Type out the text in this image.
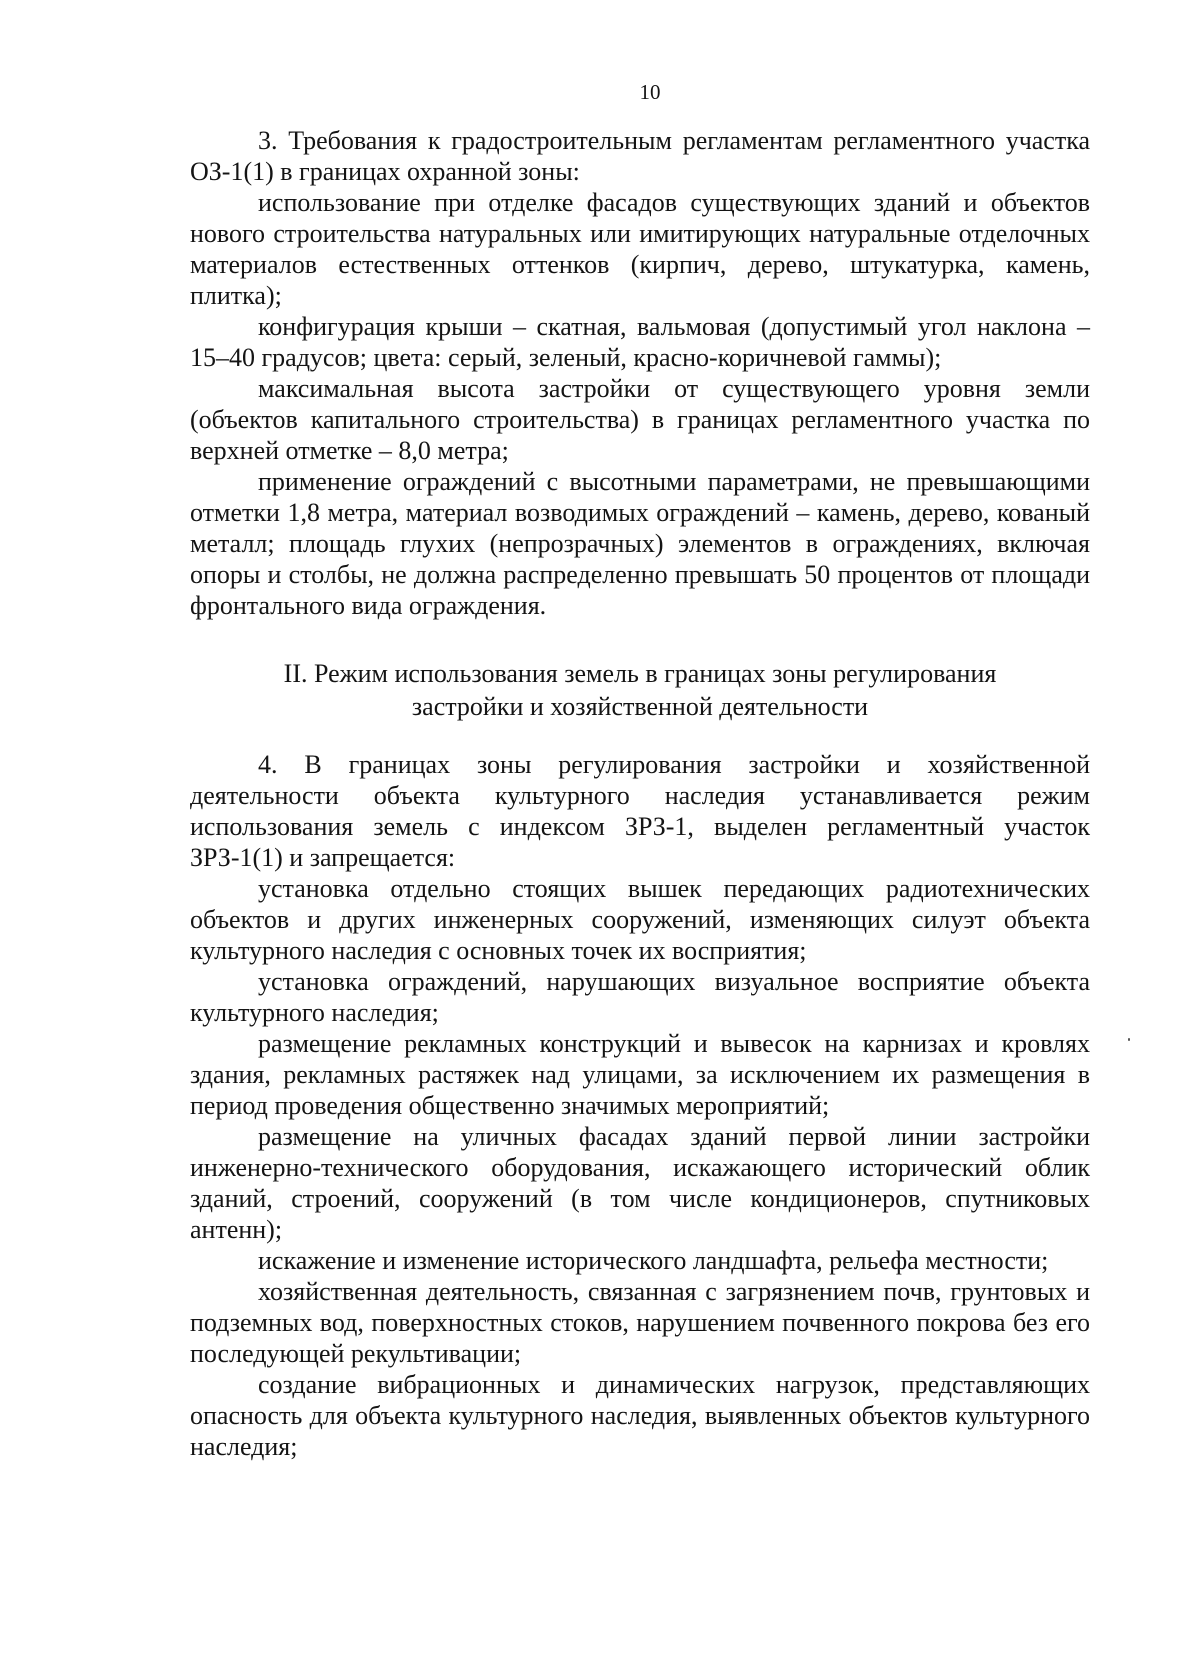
10

3. Требования к градостроительным регламентам регламентного участка ОЗ-1(1) в границах охранной зоны:

использование при отделке фасадов существующих зданий и объектов нового строительства натуральных или имитирующих натуральные отделочных материалов естественных оттенков (кирпич, дерево, штукатурка, камень, плитка);

конфигурация крыши – скатная, вальмовая (допустимый угол наклона – 15–40 градусов; цвета: серый, зеленый, красно-коричневой гаммы);

максимальная высота застройки от существующего уровня земли (объектов капитального строительства) в границах регламентного участка по верхней отметке – 8,0 метра;

применение ограждений с высотными параметрами, не превышающими отметки 1,8 метра, материал возводимых ограждений – камень, дерево, кованый металл; площадь глухих (непрозрачных) элементов в ограждениях, включая опоры и столбы, не должна распределенно превышать 50 процентов от площади фронтального вида ограждения.

II. Режим использования земель в границах зоны регулирования
застройки и хозяйственной деятельности

4. В границах зоны регулирования застройки и хозяйственной деятельности объекта культурного наследия устанавливается режим использования земель с индексом ЗРЗ-1, выделен регламентный участок ЗРЗ-1(1) и запрещается:

установка отдельно стоящих вышек передающих радиотехнических объектов и других инженерных сооружений, изменяющих силуэт объекта культурного наследия с основных точек их восприятия;

установка ограждений, нарушающих визуальное восприятие объекта культурного наследия;

размещение рекламных конструкций и вывесок на карнизах и кровлях здания, рекламных растяжек над улицами, за исключением их размещения в период проведения общественно значимых мероприятий;

размещение на уличных фасадах зданий первой линии застройки инженерно-технического оборудования, искажающего исторический облик зданий, строений, сооружений (в том числе кондиционеров, спутниковых антенн);

искажение и изменение исторического ландшафта, рельефа местности;

хозяйственная деятельность, связанная с загрязнением почв, грунтовых и подземных вод, поверхностных стоков, нарушением почвенного покрова без его последующей рекультивации;

создание вибрационных и динамических нагрузок, представляющих опасность для объекта культурного наследия, выявленных объектов культурного наследия;
